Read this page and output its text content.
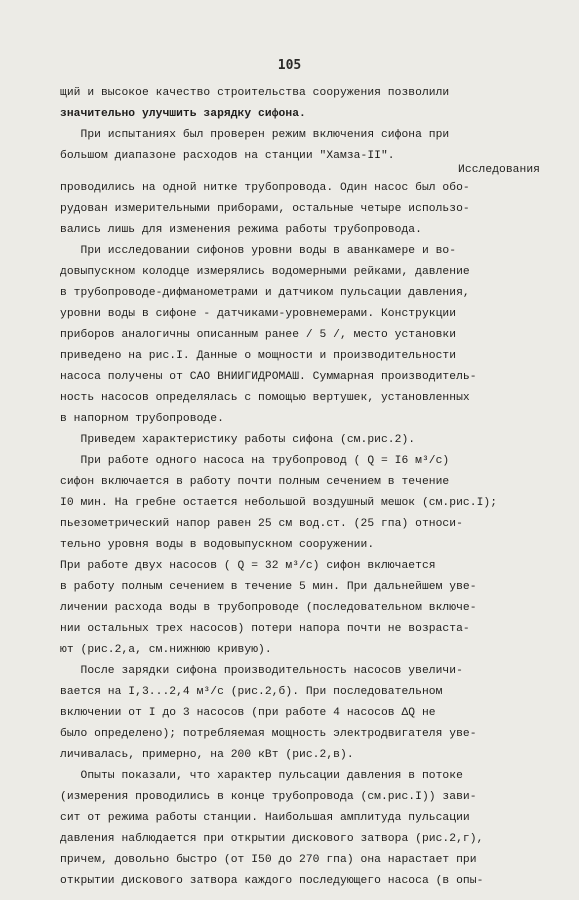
105
щий и высокое качество строительства сооружения позволили
значительно улучшить зарядку сифона.
При испытаниях был проверен режим включения сифона при
большом диапазоне расходов на станции "Хамза-II".
Исследования
проводились на одной нитке трубопровода. Один насос был обо-
рудован измерительными приборами, остальные четыре использо-
вались лишь для изменения режима работы трубопровода.
При исследовании сифонов уровни воды в аванкамере и во-
довыпускном колодце измерялись водомерными рейками, давление
в трубопроводе-дифманометрами и датчиком пульсации давления,
уровни воды в сифоне - датчиками-уровнемерами. Конструкции
приборов аналогичны описанным ранее / 5 /, место установки
приведено на рис.I. Данные о мощности и производительности
насоса получены от САО ВНИИГИДРОМАШ. Суммарная производитель-
ность насосов определялась с помощью вертушек, установленных
в напорном трубопроводе.
Приведем характеристику работы сифона (см.рис.2).
При работе одного насоса на трубопровод ( Q = I6 м³/с)
сифон включается в работу почти полным сечением в течение
I0 мин. На гребне остается небольшой воздушный мешок (см.рис.I);
пьезометрический напор равен 25 см вод.ст. (25 гпа) относи-
тельно уровня воды в водовыпускном сооружении.
При работе двух насосов ( Q = 32 м³/с) сифон включается
в работу полным сечением в течение 5 мин. При дальнейшем уве-
личении расхода воды в трубопроводе (последовательном включе-
нии остальных трех насосов) потери напора почти не возраста-
ют (рис.2,а, см.нижнюю кривую).
После зарядки сифона производительность насосов увеличи-
вается на I,3...2,4 м³/с (рис.2,б). При последовательном
включении от I до 3 насосов (при работе 4 насосов ΔQ не
было определено); потребляемая мощность электродвигателя уве-
личивалась, примерно, на 200 кВт (рис.2,в).
Опыты показали, что характер пульсации давления в потоке
(измерения проводились в конце трубопровода (см.рис.I)) зави-
сит от режима работы станции. Наибольшая амплитуда пульсации
давления наблюдается при открытии дискового затвора (рис.2,г),
причем, довольно быстро (от I50 до 270 гпа) она нарастает при
открытии дискового затвора каждого последующего насоса (в опы-
